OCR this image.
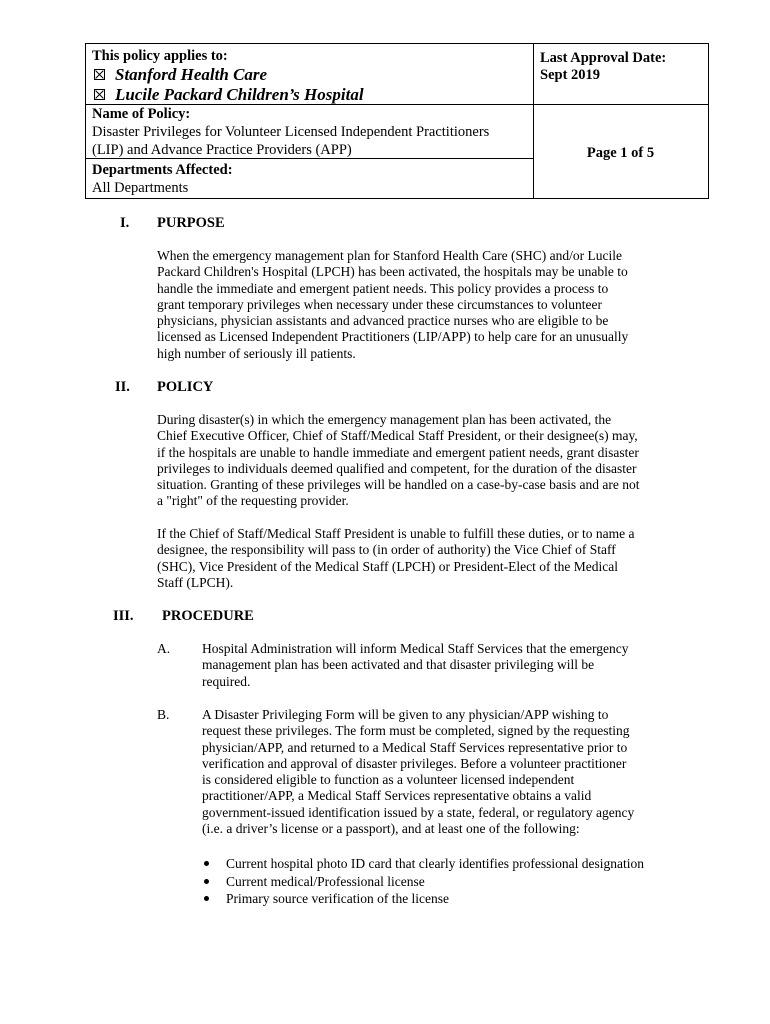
This policy applies to:
Stanford Health Care
Lucile Packard Children’s Hospital
Last Approval Date:
Sept 2019
Name of Policy:
Disaster Privileges for Volunteer Licensed Independent Practitioners
(LIP) and Advance Practice Providers (APP)	Page 1 of 5
Departments Affected:
All Departments
I. PURPOSE
When the emergency management plan for Stanford Health Care (SHC) and/or Lucile
Packard Children's Hospital (LPCH) has been activated, the hospitals may be unable to
handle the immediate and emergent patient needs. This policy provides a process to
grant temporary privileges when necessary under these circumstances to volunteer
physicians, physician assistants and advanced practice nurses who are eligible to be
licensed as Licensed Independent Practitioners (LIP/APP) to help care for an unusually
high number of seriously ill patients.
II. POLICY
During disaster(s) in which the emergency management plan has been activated, the
Chief Executive Officer, Chief of Staff/Medical Staff President, or their designee(s) may,
if the hospitals are unable to handle immediate and emergent patient needs, grant disaster
privileges to individuals deemed qualified and competent, for the duration of the disaster
situation. Granting of these privileges will be handled on a case-by-case basis and are not
a "right" of the requesting provider.
If the Chief of Staff/Medical Staff President is unable to fulfill these duties, or to name a
designee, the responsibility will pass to (in order of authority) the Vice Chief of Staff
(SHC), Vice President of the Medical Staff (LPCH) or President-Elect of the Medical
Staff (LPCH).
III. PROCEDURE
A. Hospital Administration will inform Medical Staff Services that the emergency
management plan has been activated and that disaster privileging will be
required.
B. A Disaster Privileging Form will be given to any physician/APP wishing to
request these privileges. The form must be completed, signed by the requesting
physician/APP, and returned to a Medical Staff Services representative prior to
verification and approval of disaster privileges. Before a volunteer practitioner
is considered eligible to function as a volunteer licensed independent
practitioner/APP, a Medical Staff Services representative obtains a valid
government-issued identification issued by a state, federal, or regulatory agency
(i.e. a driver’s license or a passport), and at least one of the following:
Current hospital photo ID card that clearly identifies professional designation
Current medical/Professional license
Primary source verification of the license
